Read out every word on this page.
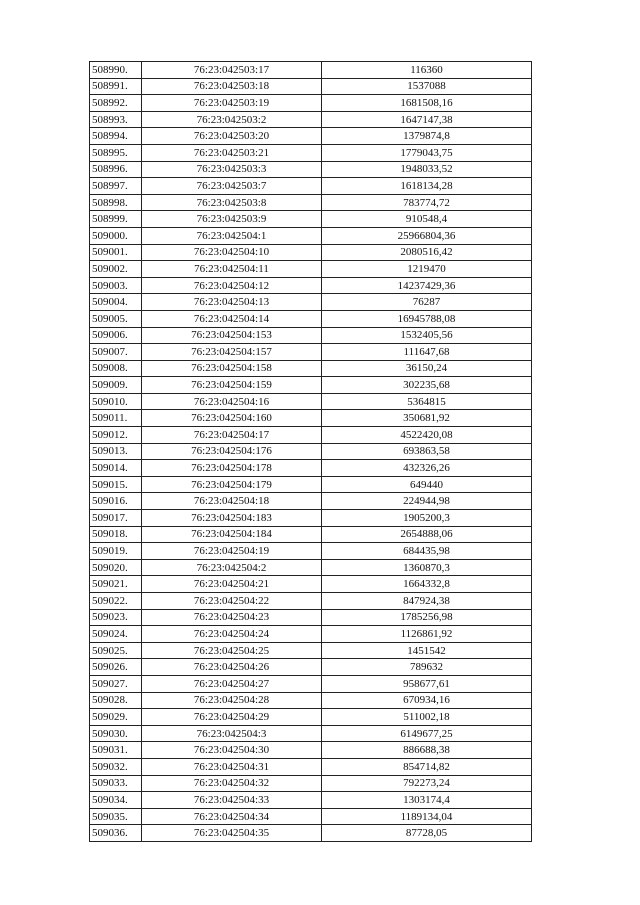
508990.	76:23:042503:17	116360
508991.	76:23:042503:18	1537088
508992.	76:23:042503:19	1681508,16
508993.	76:23:042503:2	1647147,38
508994.	76:23:042503:20	1379874,8
508995.	76:23:042503:21	1779043,75
508996.	76:23:042503:3	1948033,52
508997.	76:23:042503:7	1618134,28
508998.	76:23:042503:8	783774,72
508999.	76:23:042503:9	910548,4
509000.	76:23:042504:1	25966804,36
509001.	76:23:042504:10	2080516,42
509002.	76:23:042504:11	1219470
509003.	76:23:042504:12	14237429,36
509004.	76:23:042504:13	76287
509005.	76:23:042504:14	16945788,08
509006.	76:23:042504:153	1532405,56
509007.	76:23:042504:157	111647,68
509008.	76:23:042504:158	36150,24
509009.	76:23:042504:159	302235,68
509010.	76:23:042504:16	5364815
509011.	76:23:042504:160	350681,92
509012.	76:23:042504:17	4522420,08
509013.	76:23:042504:176	693863,58
509014.	76:23:042504:178	432326,26
509015.	76:23:042504:179	649440
509016.	76:23:042504:18	224944,98
509017.	76:23:042504:183	1905200,3
509018.	76:23:042504:184	2654888,06
509019.	76:23:042504:19	684435,98
509020.	76:23:042504:2	1360870,3
509021.	76:23:042504:21	1664332,8
509022.	76:23:042504:22	847924,38
509023.	76:23:042504:23	1785256,98
509024.	76:23:042504:24	1126861,92
509025.	76:23:042504:25	1451542
509026.	76:23:042504:26	789632
509027.	76:23:042504:27	958677,61
509028.	76:23:042504:28	670934,16
509029.	76:23:042504:29	511002,18
509030.	76:23:042504:3	6149677,25
509031.	76:23:042504:30	886688,38
509032.	76:23:042504:31	854714,82
509033.	76:23:042504:32	792273,24
509034.	76:23:042504:33	1303174,4
509035.	76:23:042504:34	1189134,04
509036.	76:23:042504:35	87728,05
